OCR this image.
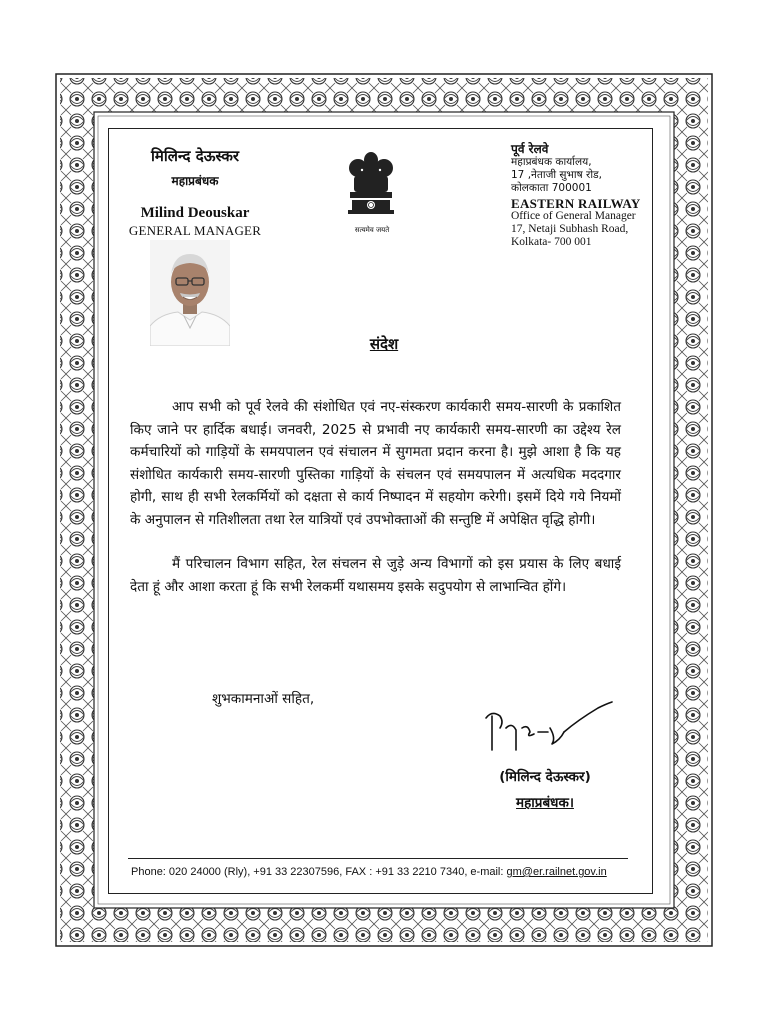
मिलिन्द देऊस्कर
महाप्रबंधक
Milind Deouskar
GENERAL MANAGER	सत्यमेव जयते
पूर्व रेलवे
महाप्रबंधक कार्यालय,
17 ,नेताजी सुभाष रोड,
कोलकाता 700001
EASTERN RAILWAY
Office of General Manager
17, Netaji Subhash Road,
Kolkata- 700 001
संदेश

आप सभी को पूर्व रेलवे की संशोधित एवं नए-संस्करण कार्यकारी समय-सारणी के प्रकाशित किए जाने पर हार्दिक बधाई। जनवरी, 2025 से प्रभावी नए कार्यकारी समय-सारणी का उद्देश्य रेल कर्मचारियों को गाड़ियों के समयपालन एवं संचालन में सुगमता प्रदान करना है। मुझे आशा है कि यह संशोधित कार्यकारी समय-सारणी पुस्तिका गाड़ियों के संचलन एवं समयपालन में अत्यधिक मददगार होगी, साथ ही सभी रेलकर्मियों को दक्षता से कार्य निष्पादन में सहयोग करेगी। इसमें दिये गये नियमों के अनुपालन से गतिशीलता तथा रेल यात्रियों एवं उपभोक्ताओं की सन्तुष्टि में अपेक्षित वृद्धि होगी।

मैं परिचालन विभाग सहित, रेल संचलन से जुड़े अन्य विभागों को इस प्रयास के लिए बधाई देता हूं और आशा करता हूं कि सभी रेलकर्मी यथासमय इसके सदुपयोग से लाभान्वित होंगे।

शुभकामनाओं सहित,
(मिलिन्द देऊस्कर)
महाप्रबंधक।
Phone: 020 24000 (Rly), +91 33 22307596, FAX : +91 33 2210 7340, e-mail: gm@er.railnet.gov.in
